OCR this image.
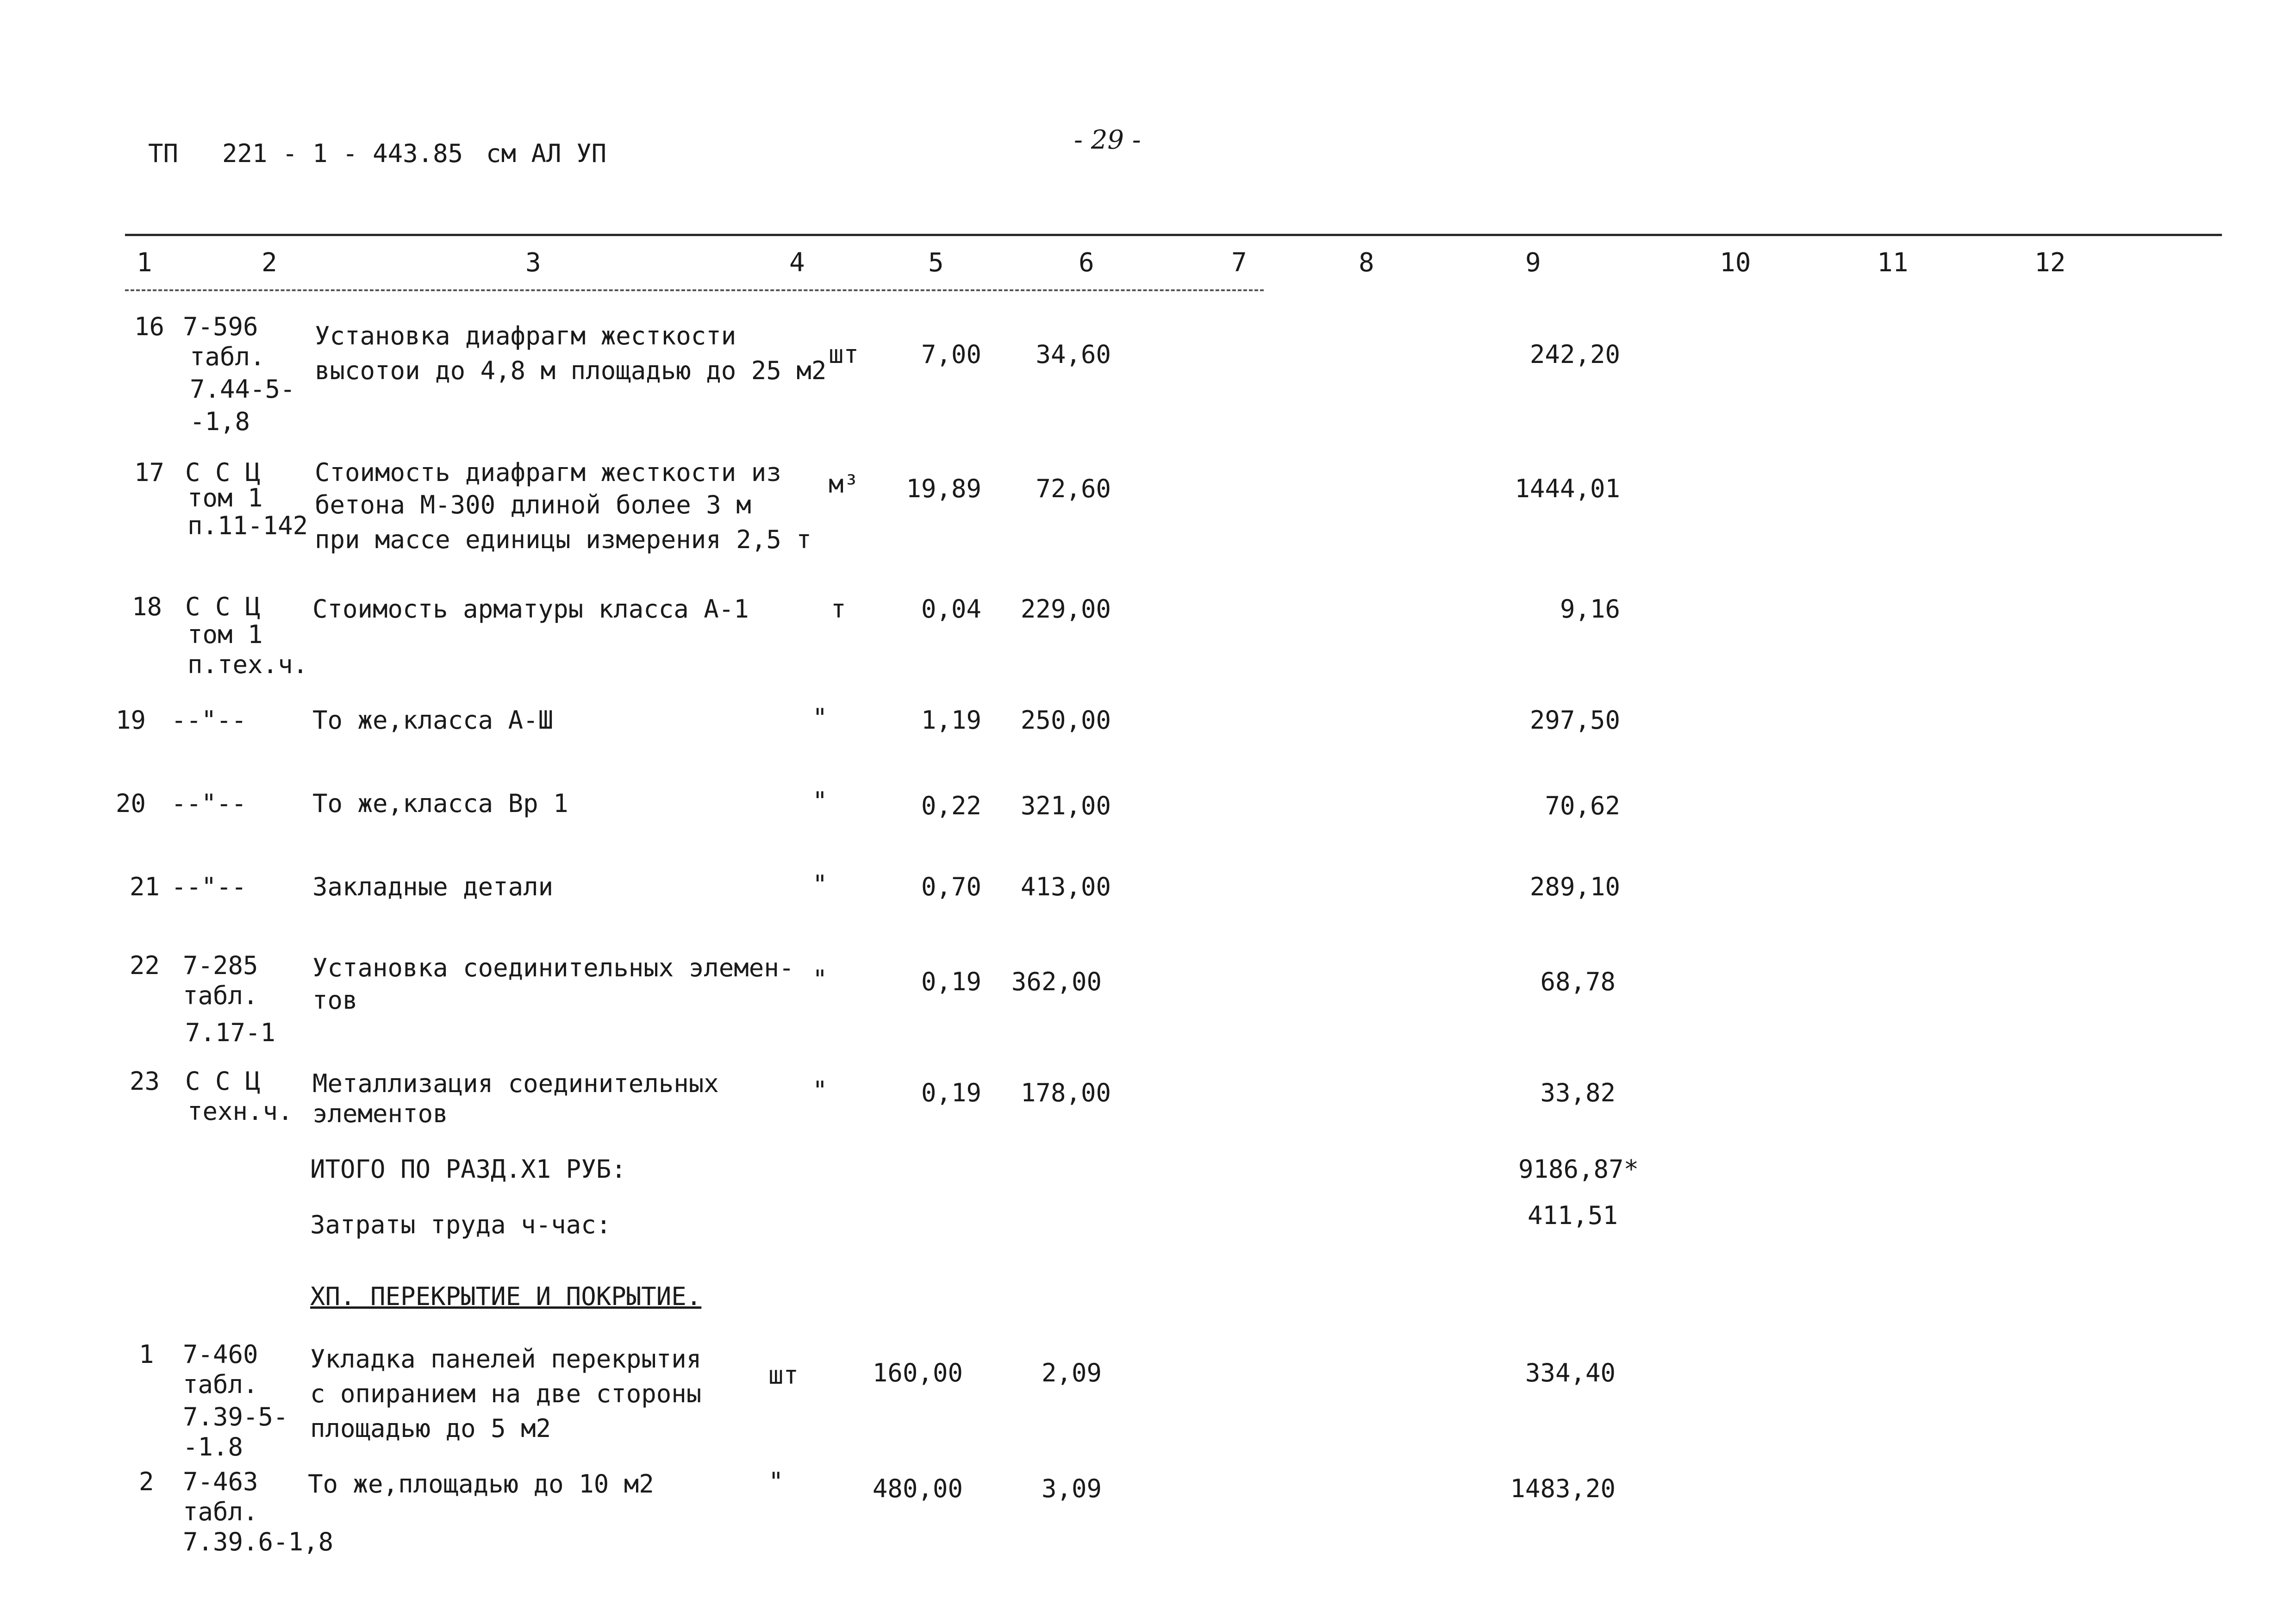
ТП 221 - 1 - 443.85 см АЛ УП	- 29 -
1	2	3	4	5	6	7	8	9	10	11	12
16 7-596
табл.
7.44-5-
-1,8
Установка диафрагм жесткости
высотои до 4,8 м площадью до 25 м2
шт	7,00	34,60	242,20
17 С С Ц
том 1
п.11-142
Стоимость диафрагм жесткости из
бетона М-300 длиной более 3 м
при массе единицы измерения 2,5 т
м³	19,89	72,60	1444,01
18 С С Ц
том 1
п.тех.ч.
Стоимость арматуры класса А-1	т	0,04	229,00	9,16
19 --"--	То же,класса А-Ш	"	1,19	250,00	297,50
20 --"--	То же,класса Вр 1	"	0,22	321,00	70,62
21 --"--	Закладные детали	"	0,70	413,00	289,10
22 7-285
табл.
7.17-1
Установка соединительных элемен-
тов
"	0,19	362,00	68,78
23 С С Ц
техн.ч.
Металлизация соединительных
элементов
"	0,19	178,00	33,82
ИТОГО ПО РАЗД.Х1 РУБ:	9186,87*
Затраты труда ч-час:	411,51
ХП. ПЕРЕКРЫТИЕ И ПОКРЫТИЕ.
1 7-460
табл.
7.39-5-
-1.8
Укладка панелей перекрытия
с опиранием на две стороны
площадью до 5 м2
шт	160,00	2,09	334,40
2 7-463
табл.
7.39.6-1,8
То же,площадью до 10 м2	"	480,00	3,09	1483,20
